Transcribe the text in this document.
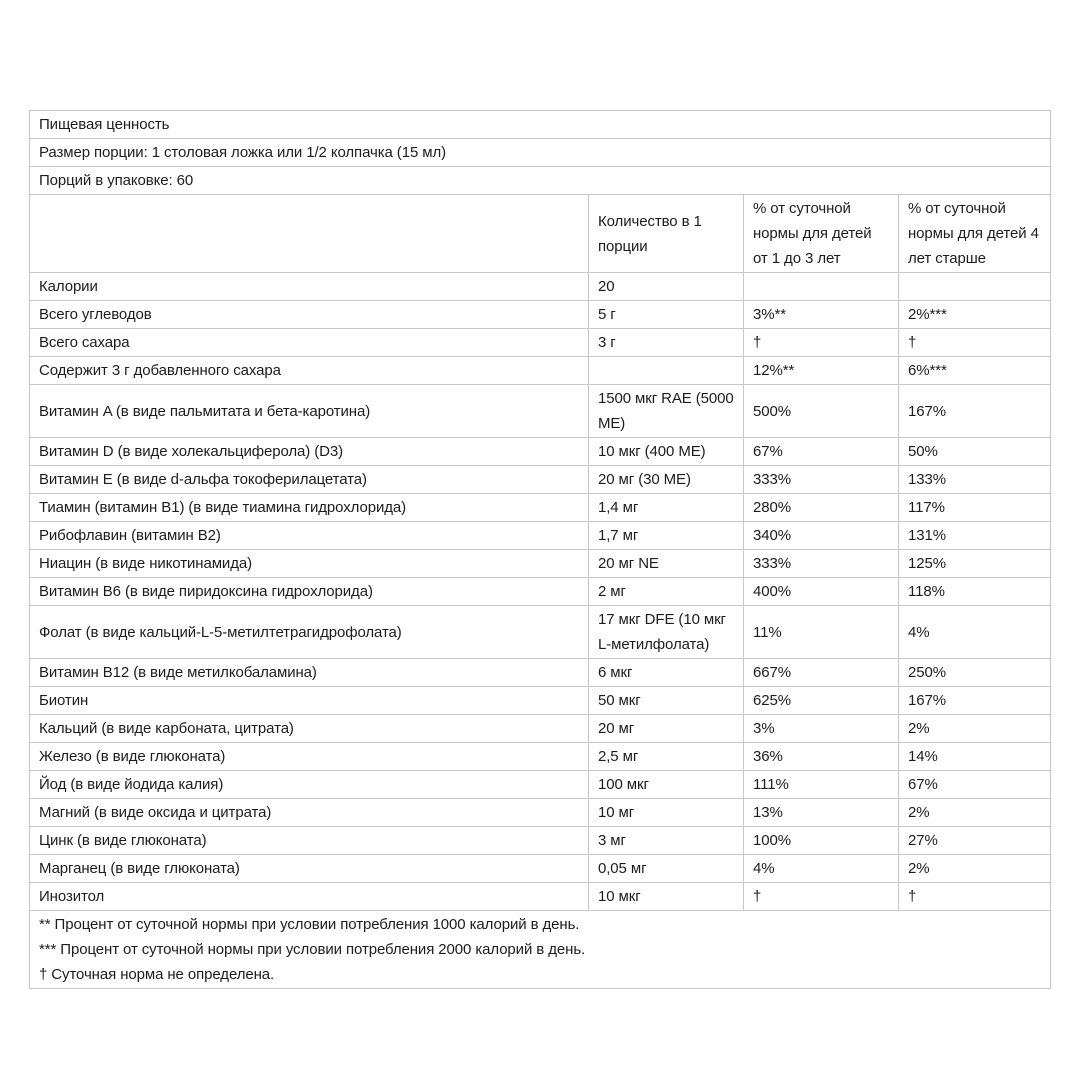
Пищевая ценность			
Размер порции: 1 столовая ложка или 1/2 колпачка (15 мл)			
Порций в упаковке: 60			
	Количество в 1 порции	% от суточной нормы для детей от 1 до 3 лет	% от суточной нормы для детей 4 лет старше
Калории	20		
Всего углеводов	5 г	3%**	2%***
Всего сахара	3 г	†	†
Содержит 3 г добавленного сахара		12%**	6%***
Витамин A (в виде пальмитата и бета-каротина)	1500 мкг RAE (5000 МЕ)	500%	167%
Витамин D (в виде холекальциферола) (D3)	10 мкг (400 МЕ)	67%	50%
Витамин E (в виде d-альфа токоферилацетата)	20 мг (30 МЕ)	333%	133%
Тиамин (витамин B1) (в виде тиамина гидрохлорида)	1,4 мг	280%	117%
Рибофлавин (витамин B2)	1,7 мг	340%	131%
Ниацин (в виде никотинамида)	20 мг NE	333%	125%
Витамин B6 (в виде пиридоксина гидрохлорида)	2 мг	400%	118%
Фолат (в виде кальций-L-5-метилтетрагидрофолата)	17 мкг DFE (10 мкг L-метилфолата)	11%	4%
Витамин B12 (в виде метилкобаламина)	6 мкг	667%	250%
Биотин	50 мкг	625%	167%
Кальций (в виде карбоната, цитрата)	20 мг	3%	2%
Железо (в виде глюконата)	2,5 мг	36%	14%
Йод (в виде йодида калия)	100 мкг	111%	67%
Магний (в виде оксида и цитрата)	10 мг	13%	2%
Цинк (в виде глюконата)	3 мг	100%	27%
Марганец (в виде глюконата)	0,05 мг	4%	2%
Инозитол	10 мкг	†	†

** Процент от суточной нормы при условии потребления 1000 калорий в день.
*** Процент от суточной нормы при условии потребления 2000 калорий в день.
† Суточная норма не определена.			
